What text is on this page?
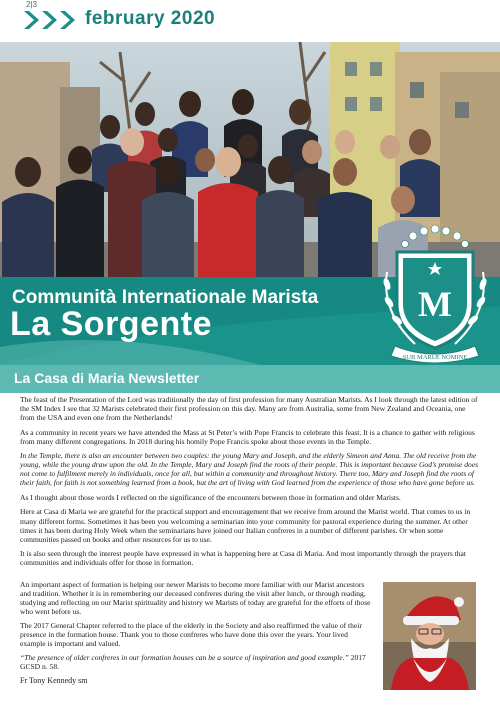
2|3
february 2020
Communità Internationale Marista
La Sorgente
La Casa di Maria Newsletter
M
SUB MARIÆ NOMINE

The feast of the Presentation of the Lord was traditionally the day of first profession for many Australian Marists. As I look through the latest edition of the SM Index I see that 32 Marists celebrated their first profession on this day. Many are from Australia, some from New Zealand and Oceania, one from the USA and even one from the Netherlands!

As a community in recent years we have attended the Mass at St Peter’s with Pope Francis to celebrate this feast. It is a chance to gather with religious from many different congregations. In 2018 during his homily Pope Francis spoke about those events in the Temple.

In the Temple, there is also an encounter between two couples: the young Mary and Joseph, and the elderly Simeon and Anna. The old receive from the young, while the young draw upon the old. In the Temple, Mary and Joseph find the roots of their people. This is important because God’s promise does not come to fulfilment merely in individuals, once for all, but within a community and throughout history. There too, Mary and Joseph find the roots of their faith, for faith is not something learned from a book, but the art of living with God learned from the experience of those who have gone before us.

As I thought about those words I reflected on the significance of the encounters between those in formation and older Marists.

Here at Casa di Maria we are grateful for the practical support and encouragement that we receive from around the Marist world. That comes to us in many different forms. Sometimes it has been you welcoming a seminarian into your community for pastoral experience during the summer. At other times it has been during Holy Week when the seminarians have joined our Italian confreres in a number of different parishes. Or when some communities passed on books and other resources for us to use.

It is also seen through the interest people have expressed in what is happening here at Casa di Maria. And most importantly through the prayers that communities and individuals offer for those in formation.

An important aspect of formation is helping our newer Marists to become more familiar with our Marist ancestors and tradition. Whether it is in remembering our deceased confreres during the visit after lunch, or through reading, studying and reflecting on our Marist spirituality and history we Marists of today are grateful for the efforts of those who went before us.

The 2017 General Chapter referred to the place of the elderly in the Society and also reaffirmed the value of their presence in the formation house. Thank you to those confreres who have done this over the years. Your lived example is important and valued.

“The presence of older confreres in our formation houses can be a source of inspiration and good example.” 2017 GCSD n. 58.

Fr Tony Kennedy sm
